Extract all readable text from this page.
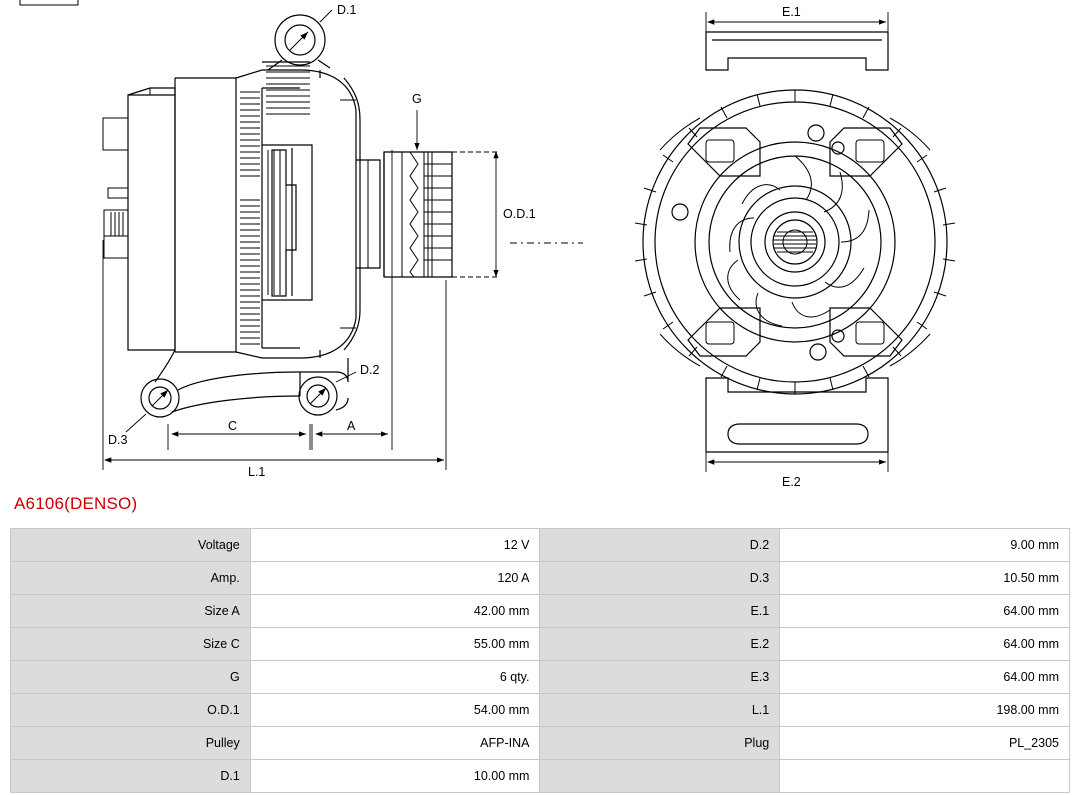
D.1
D.2
D.3
G
O.D.1
C	A
L.1
E.1
E.2
A6106(DENSO)
Voltage	12 V	D.2	9.00 mm
Amp.	120 A	D.3	10.50 mm
Size A	42.00 mm	E.1	64.00 mm
Size C	55.00 mm	E.2	64.00 mm
G	6 qty.	E.3	64.00 mm
O.D.1	54.00 mm	L.1	198.00 mm
Pulley	AFP-INA	Plug	PL_2305
D.1	10.00 mm		
